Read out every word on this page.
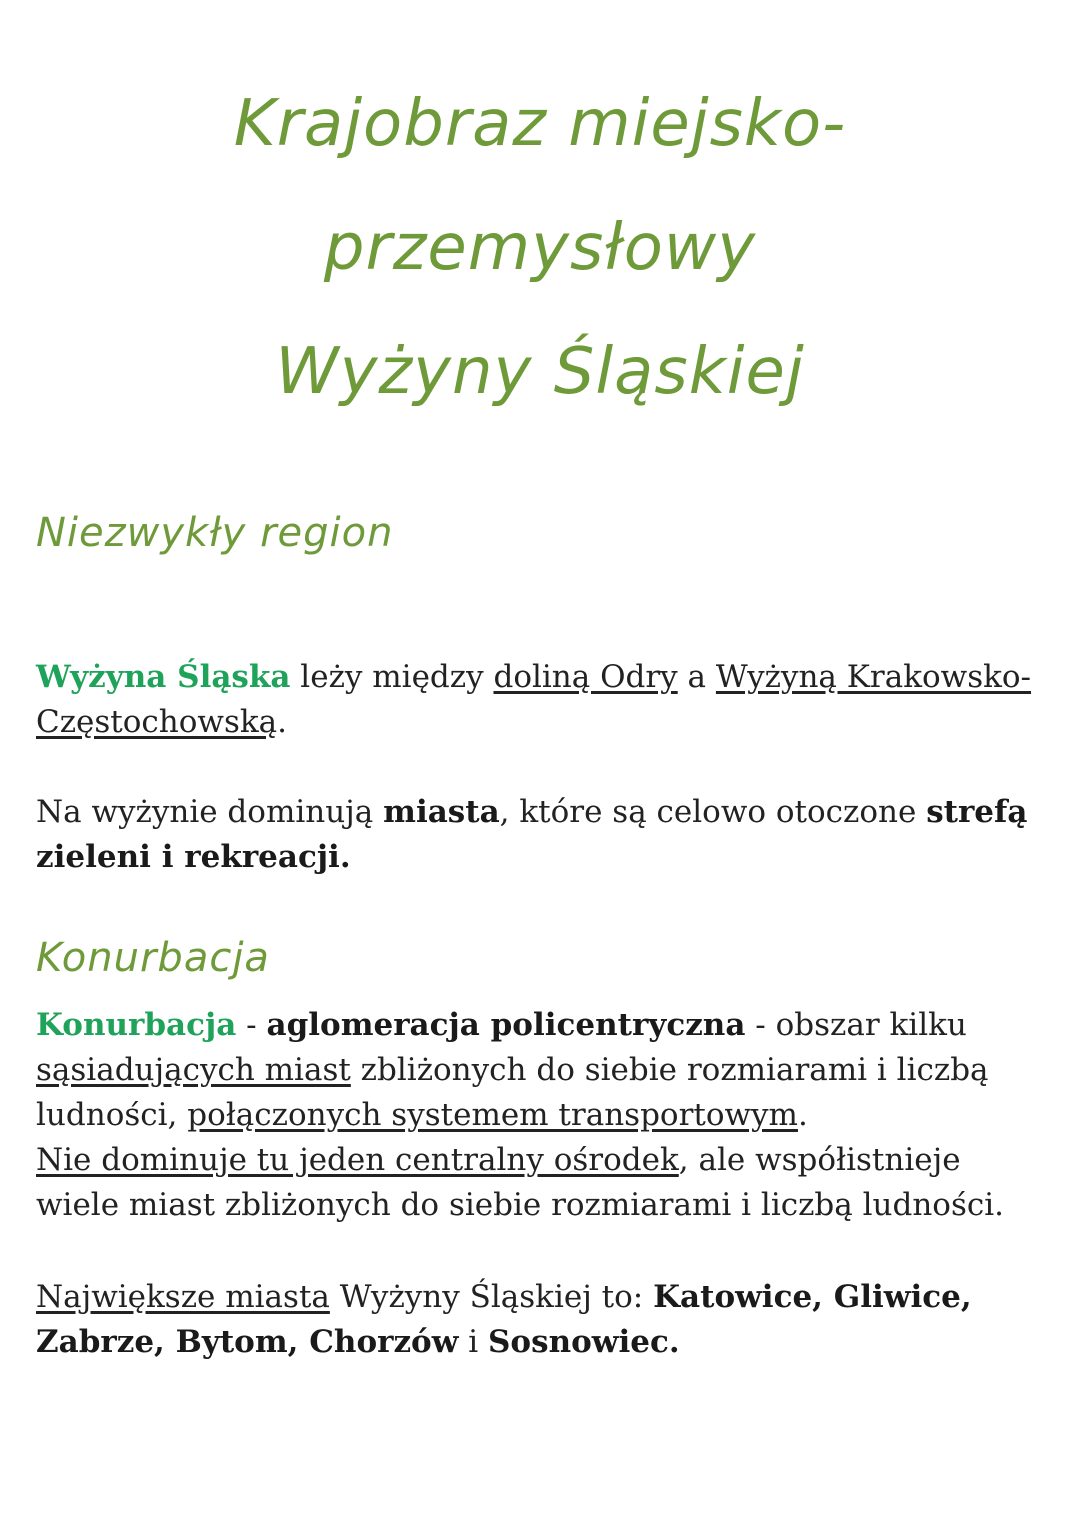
Krajobraz miejsko-
przemysłowy
Wyżyny Śląskiej
Niezwykły region

Wyżyna Śląska leży między doliną Odry a Wyżyną Krakowsko-Częstochowską.

Na wyżynie dominują miasta, które są celowo otoczone strefą zieleni i rekreacji.

Konurbacja

Konurbacja - aglomeracja policentryczna - obszar kilku sąsiadujących miast zbliżonych do siebie rozmiarami i liczbą ludności, połączonych systemem transportowym.
Nie dominuje tu jeden centralny ośrodek, ale współistnieje wiele miast zbliżonych do siebie rozmiarami i liczbą ludności.

Największe miasta Wyżyny Śląskiej to: Katowice, Gliwice, Zabrze, Bytom, Chorzów i Sosnowiec.
